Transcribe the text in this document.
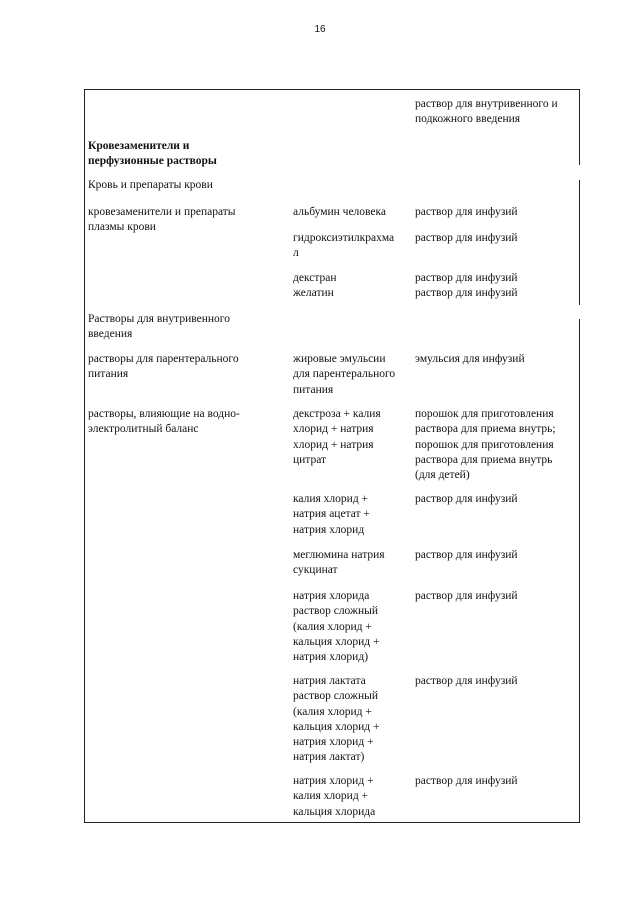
16
раствор для внутривенного и
подкожного введения
Кровезаменители и
перфузионные растворы
Кровь и препараты крови
кровезаменители и препараты
плазмы крови
альбумин человека	раствор для инфузий
гидроксиэтилкрахма
л
раствор для инфузий
декстран
желатин
раствор для инфузий
раствор для инфузий
Растворы для внутривенного
введения
растворы для парентерального
питания
жировые эмульсии
для парентерального
питания
эмульсия для инфузий
растворы, влияющие на водно-
электролитный баланс
декстроза + калия
хлорид + натрия
хлорид + натрия
цитрат
порошок для приготовления
раствора для приема внутрь;
порошок для приготовления
раствора для приема внутрь
(для детей)
калия хлорид +
натрия ацетат +
натрия хлорид
раствор для инфузий
меглюмина натрия
сукцинат
раствор для инфузий
натрия хлорида
раствор сложный
(калия хлорид +
кальция хлорид +
натрия хлорид)
раствор для инфузий
натрия лактата
раствор сложный
(калия хлорид +
кальция хлорид +
натрия хлорид +
натрия лактат)
раствор для инфузий
натрия хлорид +
калия хлорид +
кальция хлорида
раствор для инфузий
